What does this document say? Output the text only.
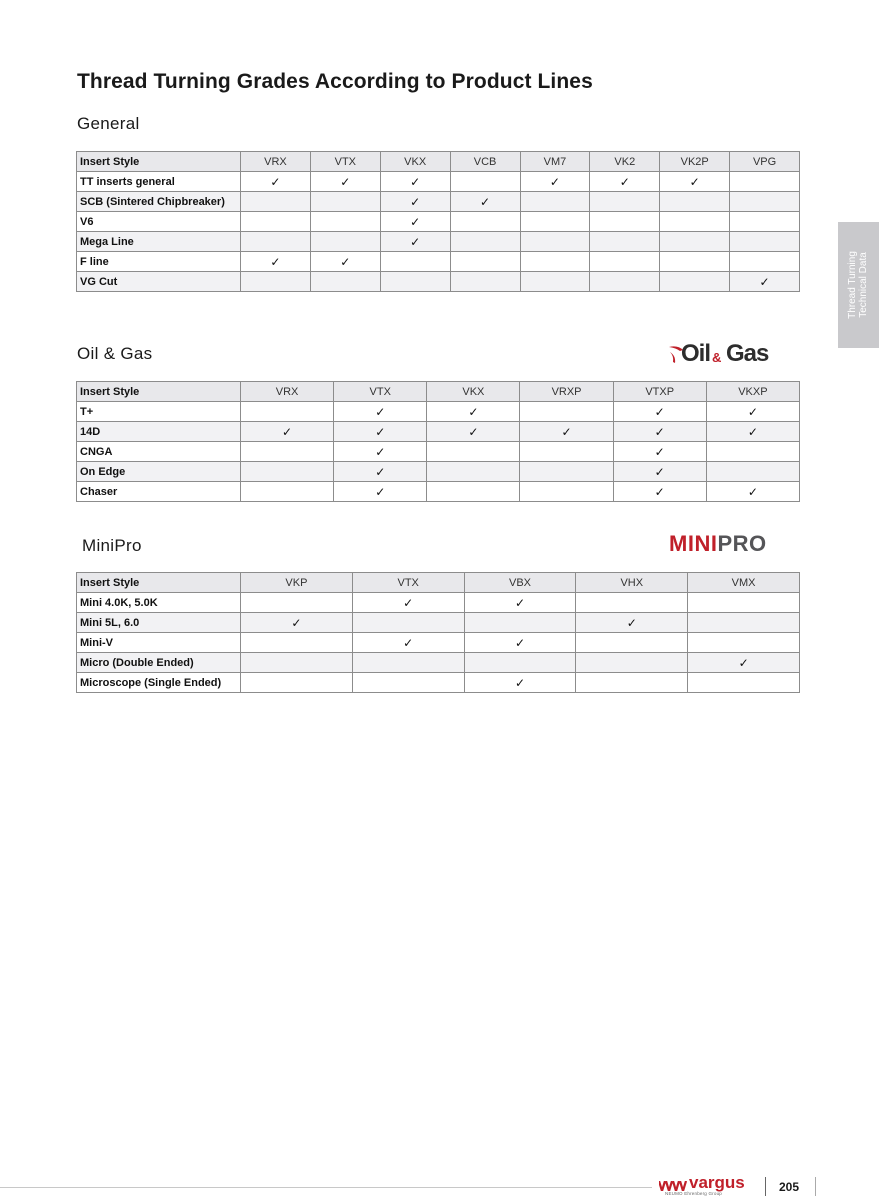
Thread Turning Grades According to Product Lines
Thread Turning Technical Data
General
Insert Style	VRX	VTX	VKX	VCB	VM7	VK2	VK2P	VPG
TT inserts general	✓	✓	✓		✓	✓	✓	
SCB (Sintered Chipbreaker)			✓	✓				
V6			✓					
Mega Line			✓					
F line	✓	✓						
VG Cut								✓
Oil & Gas	Oil & Gas
Insert Style	VRX	VTX	VKX	VRXP	VTXP	VKXP
T+		✓	✓		✓	✓
14D	✓	✓	✓	✓	✓	✓
CNGA		✓			✓	
On Edge		✓			✓	
Chaser		✓			✓	✓
MiniPro	MINIPRO
Insert Style	VKP	VTX	VBX	VHX	VMX
Mini 4.0K, 5.0K		✓	✓		
Mini 5L, 6.0	✓			✓	
Mini-V		✓	✓		
Micro (Double Ended)					✓
Microscope (Single Ended)			✓		
vargus
NEUMO Ehrenberg Group	205
